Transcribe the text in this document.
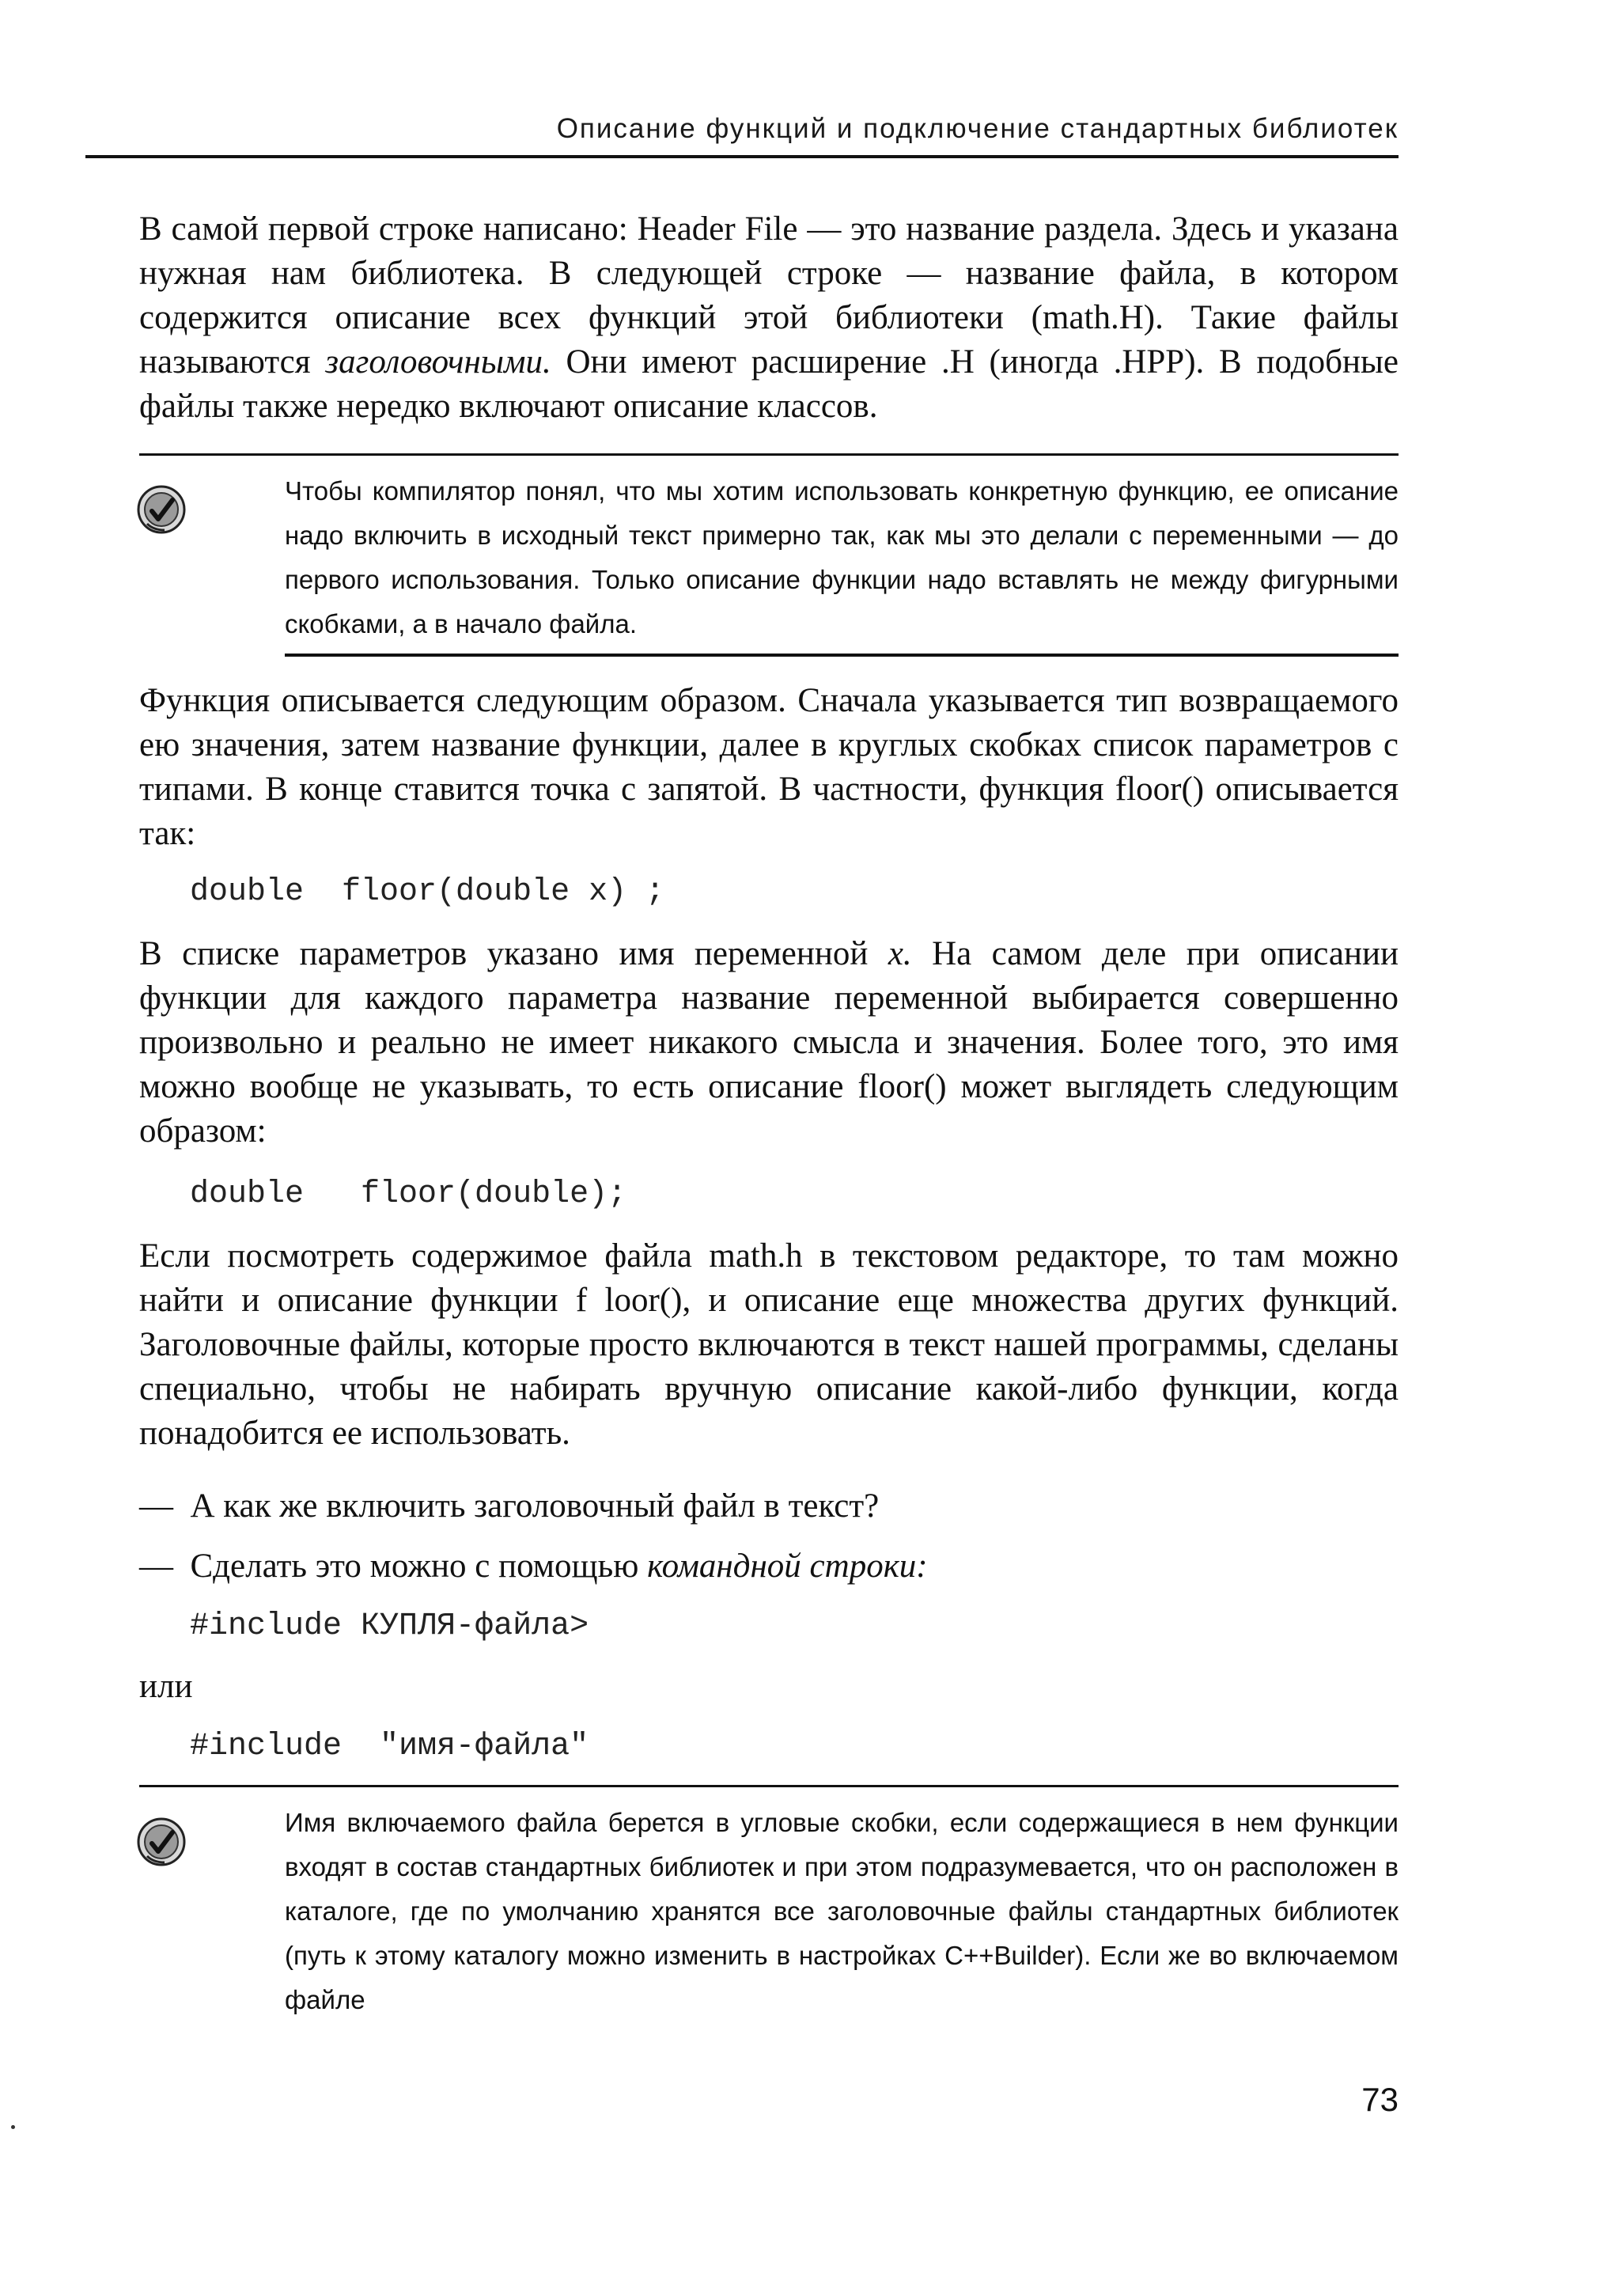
Описание функций и подключение стандартных библиотек

В самой первой строке написано: Header File — это название раздела. Здесь и указана нужная нам библиотека. В следующей строке — название файла, в котором содержится описание всех функций этой библиотеки (math.H). Такие файлы называются заголовочными. Они имеют расширение .H (иногда .HPP). В подобные файлы также нередко включают описание классов.

Чтобы компилятор понял, что мы хотим использовать конкретную функцию, ее описание надо включить в исходный текст примерно так, как мы это делали с переменными — до первого использования. Только описание функции надо вставлять не между фигурными скобками, а в начало файла.

Функция описывается следующим образом. Сначала указывается тип возвращаемого ею значения, затем название функции, далее в круглых скобках список параметров с типами. В конце ставится точка с запятой. В частности, функция floor() описывается так:

double  floor(double x) ;

В списке параметров указано имя переменной x. На самом деле при описании функции для каждого параметра название переменной выбирается совершенно произвольно и реально не имеет никакого смысла и значения. Более того, это имя можно вообще не указывать, то есть описание floor() может выглядеть следующим образом:

double   floor(double);

Если посмотреть содержимое файла math.h в текстовом редакторе, то там можно найти и описание функции f loor(), и описание еще множества других функций. Заголовочные файлы, которые просто включаются в текст нашей программы, сделаны специально, чтобы не набирать вручную описание какой-либо функции, когда понадобится ее использовать.

—  А как же включить заголовочный файл в текст?

—  Сделать это можно с помощью командной строки:

#include КУПЛЯ-файла>

или

#include  "имя-файла"

Имя включаемого файла берется в угловые скобки, если содержащиеся в нем функции входят в состав стандартных библиотек и при этом подразумевается, что он расположен в каталоге, где по умолчанию хранятся все заголовочные файлы стандартных библиотек (путь к этому каталогу можно изменить в настройках C++Builder). Если же во включаемом файле

73
